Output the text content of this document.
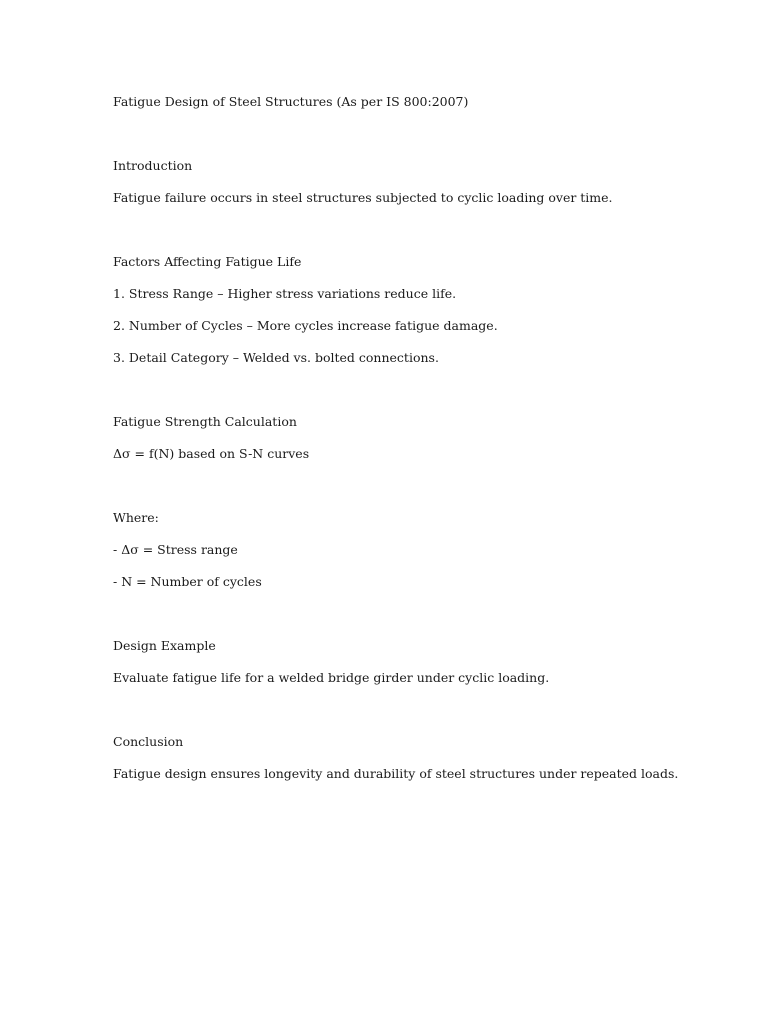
Fatigue Design of Steel Structures (As per IS 800:2007)
Introduction

Fatigue failure occurs in steel structures subjected to cyclic loading over time.

Factors Affecting Fatigue Life

1. Stress Range – Higher stress variations reduce life.

2. Number of Cycles – More cycles increase fatigue damage.

3. Detail Category – Welded vs. bolted connections.

Fatigue Strength Calculation

Δσ = f(N) based on S-N curves

Where:

- Δσ = Stress range

- N = Number of cycles

Design Example

Evaluate fatigue life for a welded bridge girder under cyclic loading.

Conclusion

Fatigue design ensures longevity and durability of steel structures under repeated loads.
